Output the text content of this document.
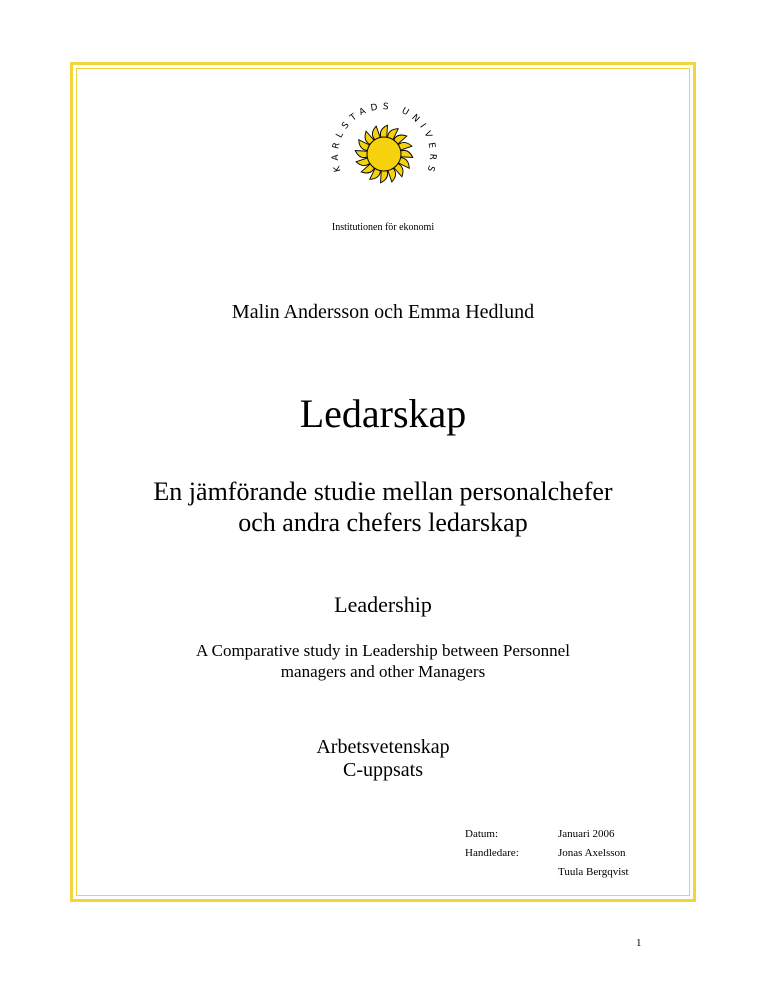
KARLSTADS UNIVERS
Institutionen för ekonomi
Malin Andersson och Emma Hedlund
Ledarskap
En jämförande studie mellan personalchefer
och andra chefers ledarskap
Leadership
A Comparative study in Leadership between Personnel
managers and other Managers
Arbetsvetenskap
C-uppsats
Datum:
Handledare:
Januari 2006
Jonas Axelsson
Tuula Bergqvist
1
